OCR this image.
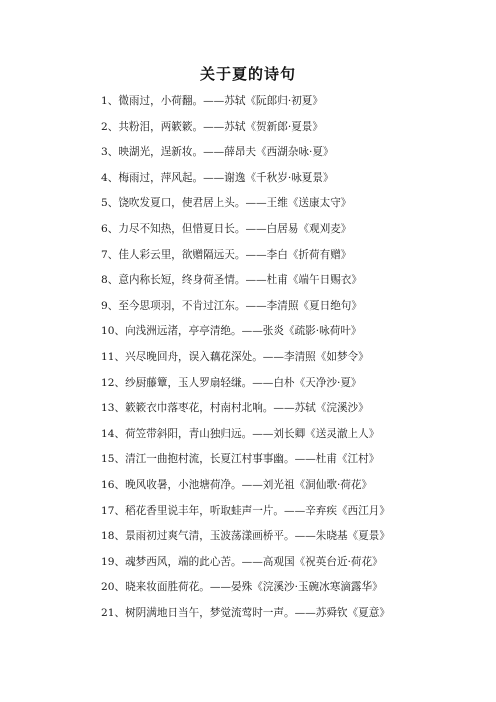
关于夏的诗句
1、微雨过，小荷翻。——苏轼《阮郎归·初夏》
2、共粉泪，两簌簌。——苏轼《贺新郎·夏景》
3、映湖光，逞新妆。——薛昂夫《西湖杂咏·夏》
4、梅雨过，萍风起。——谢逸《千秋岁·咏夏景》
5、饶吹发夏口，使君居上头。——王维《送康太守》
6、力尽不知热，但惜夏日长。——白居易《观刈麦》
7、佳人彩云里，欲赠隔远天。——李白《折荷有赠》
8、意内称长短，终身荷圣情。——杜甫《端午日赐衣》
9、至今思项羽，不肯过江东。——李清照《夏日绝句》
10、向浅洲远渚，亭亭清绝。——张炎《疏影·咏荷叶》
11、兴尽晚回舟，误入藕花深处。——李清照《如梦令》
12、纱厨藤簟，玉人罗扇轻缣。——白朴《天净沙·夏》
13、簌簌衣巾落枣花，村南村北响。——苏轼《浣溪沙》
14、荷笠带斜阳，青山独归远。——刘长卿《送灵澈上人》
15、清江一曲抱村流，长夏江村事事幽。——杜甫《江村》
16、晚风收暑，小池塘荷净。——刘光祖《洞仙歌·荷花》
17、稻花香里说丰年，听取蛙声一片。——辛弃疾《西江月》
18、景雨初过爽气清，玉波荡漾画桥平。——朱晓基《夏景》
19、魂梦西风，端的此心苦。——高观国《祝英台近·荷花》
20、晓来妆面胜荷花。——晏殊《浣溪沙·玉碗冰寒滴露华》
21、树阴满地日当午，梦觉流莺时一声。——苏舜钦《夏意》
